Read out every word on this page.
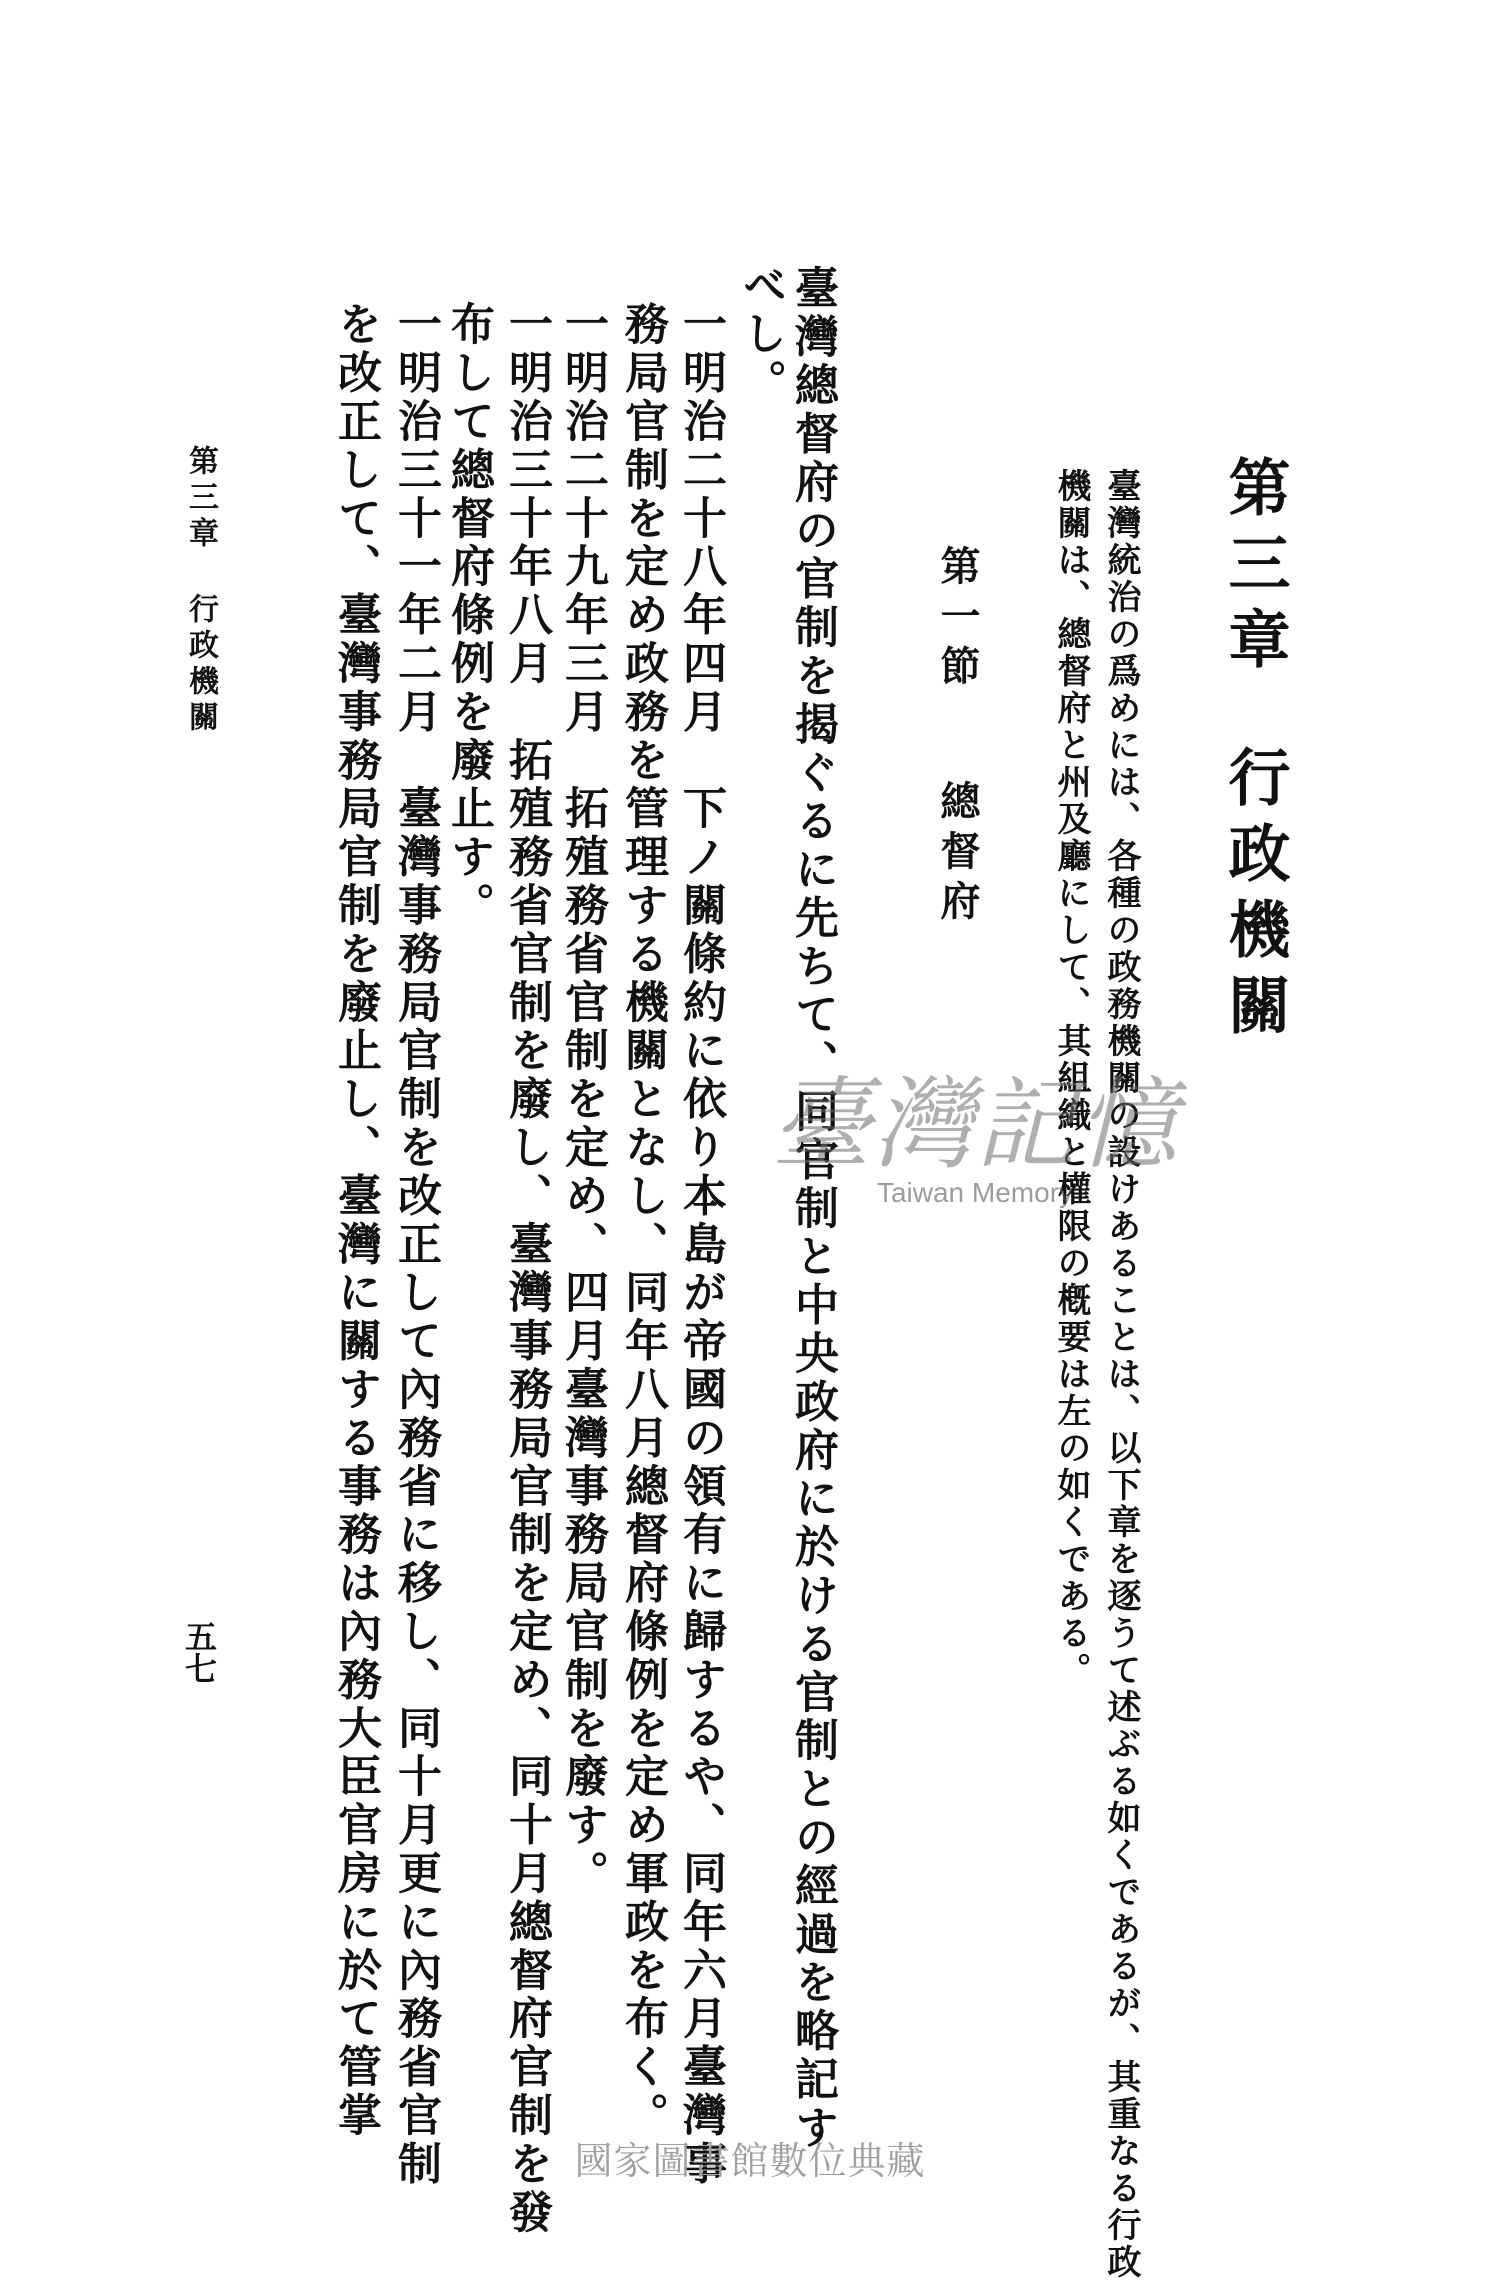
第三章行政機關
臺灣統治の爲めには、各種の政務機關の設けあることは、以下章を逐うて述ぶる如くであるが、其重なる行政
機關は、總督府と州及廳にして、其組織と權限の槪要は左の如くである。
第一節總督府
臺灣總督府の官制を揭ぐるに先ちて、同官制と中央政府に於ける官制との經過を略記す
べし。
一明治二十八年四月　下ノ關條約に依り本島が帝國の領有に歸するや、同年六月臺灣事
務局官制を定め政務を管理する機關となし、同年八月總督府條例を定め軍政を布く。
一明治二十九年三月　拓殖務省官制を定め、四月臺灣事務局官制を廢す。
一明治三十年八月　拓殖務省官制を廢し、臺灣事務局官制を定め、同十月總督府官制を發
布して總督府條例を廢止す。
一明治三十一年二月　臺灣事務局官制を改正して內務省に移し、同十月更に內務省官制
を改正して、臺灣事務局官制を廢止し、臺灣に關する事務は內務大臣官房に於て管掌
第三章行政機關
五七
臺灣記憶
Taiwan Memory
國家圖書館數位典藏
